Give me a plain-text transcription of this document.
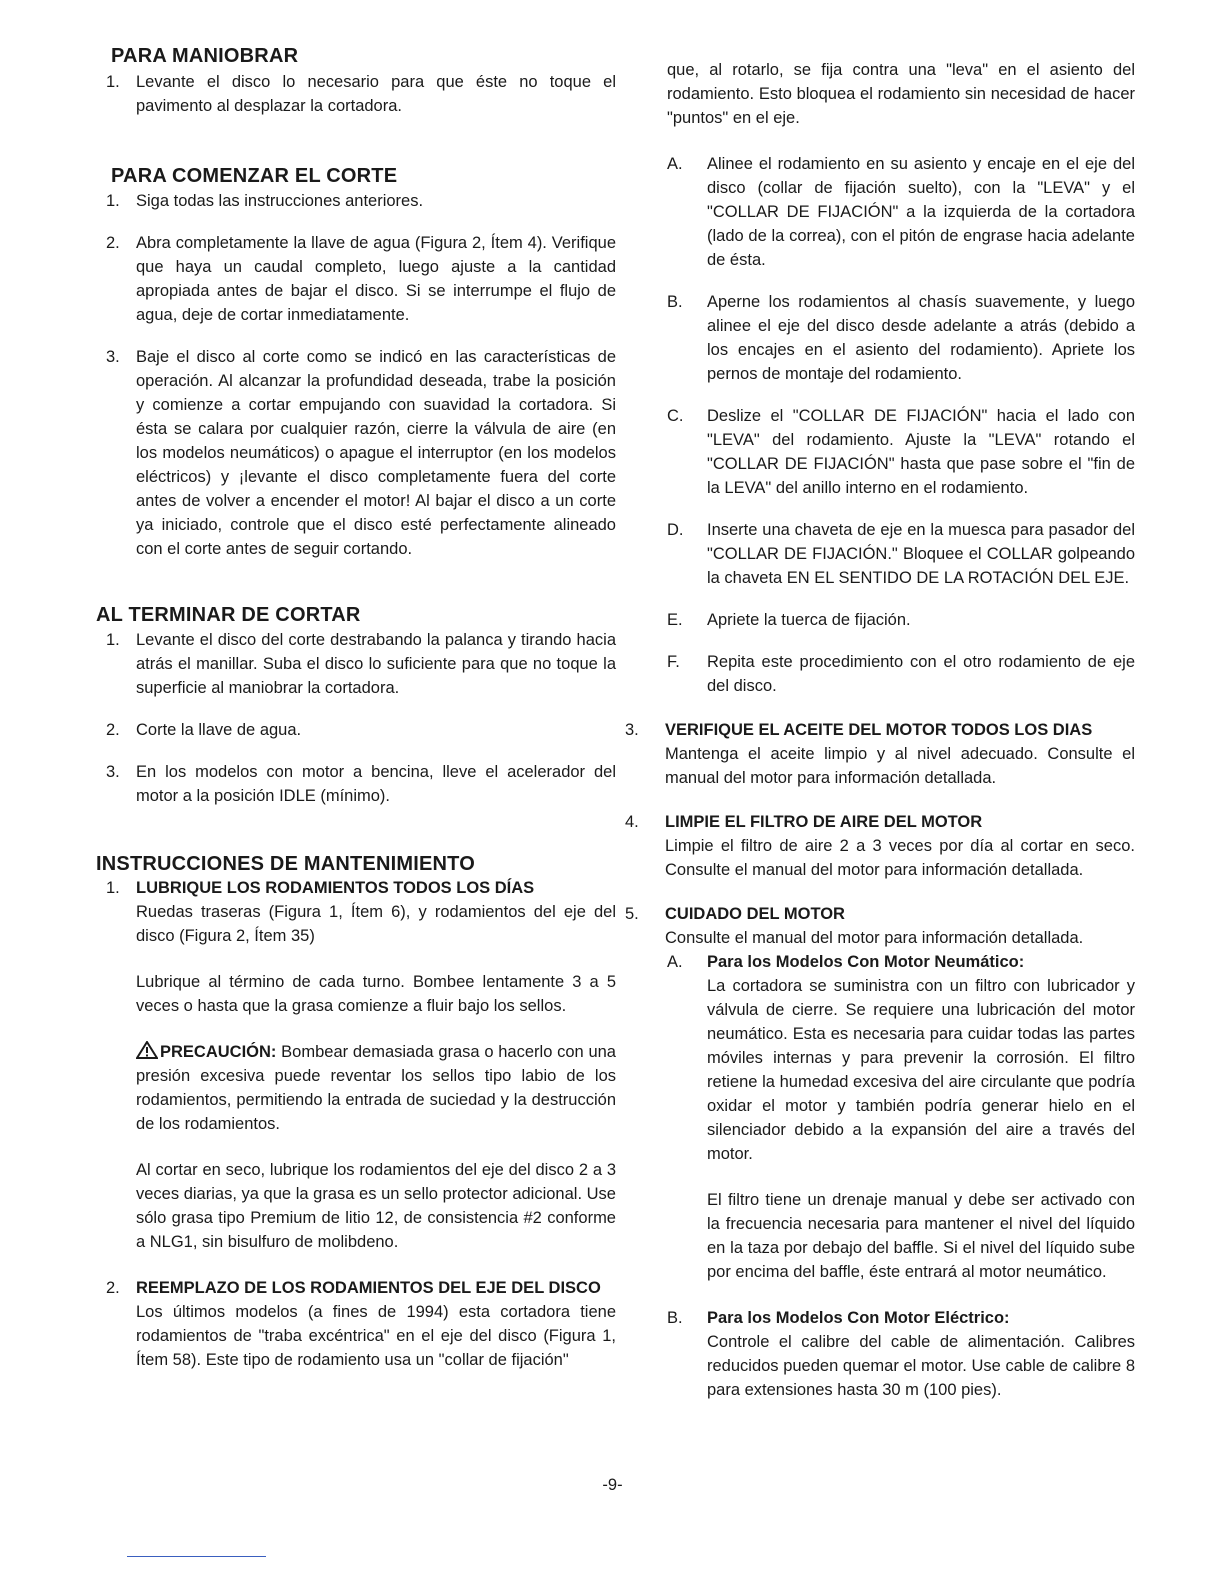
PARA MANIOBRAR
1. Levante el disco lo necesario para que éste no toque el pavimento al desplazar la cortadora.

PARA COMENZAR EL CORTE
1. Siga todas las instrucciones anteriores.

2. Abra completamente la llave de agua (Figura 2, Ítem 4). Verifique que haya un caudal completo, luego ajuste a la cantidad apropiada antes de bajar el disco. Si se interrumpe el flujo de agua, deje de cortar inmediatamente.

3. Baje el disco al corte como se indicó en las características de operación. Al alcanzar la profundidad deseada, trabe la posición y comienze a cortar empujando con suavidad la cortadora. Si ésta se calara por cualquier razón, cierre la válvula de aire (en los modelos neumáticos) o apague el interruptor (en los modelos eléctricos) y ¡levante el disco completamente fuera del corte antes de volver a encender el motor! Al bajar el disco a un corte ya iniciado, controle que el disco esté perfectamente alineado con el corte antes de seguir cortando.

AL TERMINAR DE CORTAR
1. Levante el disco del corte destrabando la palanca y tirando hacia atrás el manillar. Suba el disco lo suficiente para que no toque la superficie al maniobrar la cortadora.

2. Corte la llave de agua.

3. En los modelos con motor a bencina, lleve el acelerador del motor a la posición IDLE (mínimo).

INSTRUCCIONES DE MANTENIMIENTO
1. LUBRIQUE LOS RODAMIENTOS TODOS LOS DÍAS

Ruedas traseras (Figura 1, Ítem 6), y rodamientos del eje del disco (Figura 2, Ítem 35)

Lubrique al término de cada turno. Bombee lentamente 3 a 5 veces o hasta que la grasa comienze a fluir bajo los sellos.

PRECAUCIÓN: Bombear demasiada grasa o hacerlo con una presión excesiva puede reventar los sellos tipo labio de los rodamientos, permitiendo la entrada de suciedad y la destrucción de los rodamientos.

Al cortar en seco, lubrique los rodamientos del eje del disco 2 a 3 veces diarias, ya que la grasa es un sello protector adicional. Use sólo grasa tipo Premium de litio 12, de consistencia #2 conforme a NLG1, sin bisulfuro de molibdeno.

2. REEMPLAZO DE LOS RODAMIENTOS DEL EJE DEL DISCO

Los últimos modelos (a fines de 1994) esta cortadora tiene rodamientos de "traba excéntrica" en el eje del disco (Figura 1, Ítem 58). Este tipo de rodamiento usa un "collar de fijación"

que, al rotarlo, se fija contra una "leva" en el asiento del rodamiento. Esto bloquea el rodamiento sin necesidad de hacer "puntos" en el eje.

A. Alinee el rodamiento en su asiento y encaje en el eje del disco (collar de fijación suelto), con la "LEVA" y el "COLLAR DE FIJACIÓN" a la izquierda de la cortadora (lado de la correa), con el pitón de engrase hacia adelante de ésta.

B. Aperne los rodamientos al chasís suavemente, y luego alinee el eje del disco desde adelante a atrás (debido a los encajes en el asiento del rodamiento). Apriete los pernos de montaje del rodamiento.

C. Deslize el "COLLAR DE FIJACIÓN" hacia el lado con "LEVA" del rodamiento. Ajuste la "LEVA" rotando el "COLLAR DE FIJACIÓN" hasta que pase sobre el "fin de la LEVA" del anillo interno en el rodamiento.

D. Inserte una chaveta de eje en la muesca para pasador del "COLLAR DE FIJACIÓN." Bloquee el COLLAR golpeando la chaveta EN EL SENTIDO DE LA ROTACIÓN DEL EJE.

E. Apriete la tuerca de fijación.

F. Repita este procedimiento con el otro rodamiento de eje del disco.

3. VERIFIQUE EL ACEITE DEL MOTOR TODOS LOS DIAS

Mantenga el aceite limpio y al nivel adecuado. Consulte el manual del motor para información detallada.

4. LIMPIE EL FILTRO DE AIRE DEL MOTOR

Limpie el filtro de aire 2 a 3 veces por día al cortar en seco. Consulte el manual del motor para información detallada.

5. CUIDADO DEL MOTOR

Consulte el manual del motor para información detallada.

A. Para los Modelos Con Motor Neumático:

La cortadora se suministra con un filtro con lubricador y válvula de cierre. Se requiere una lubricación del motor neumático. Esta es necesaria para cuidar todas las partes móviles internas y para prevenir la corrosión. El filtro retiene la humedad excesiva del aire circulante que podría oxidar el motor y también podría generar hielo en el silenciador debido a la expansión del aire a través del motor.

El filtro tiene un drenaje manual y debe ser activado con la frecuencia necesaria para mantener el nivel del líquido en la taza por debajo del baffle. Si el nivel del líquido sube por encima del baffle, éste entrará al motor neumático.

B. Para los Modelos Con Motor Eléctrico:

Controle el calibre del cable de alimentación. Calibres reducidos pueden quemar el motor. Use cable de calibre 8 para extensiones hasta 30 m (100 pies).

-9-
